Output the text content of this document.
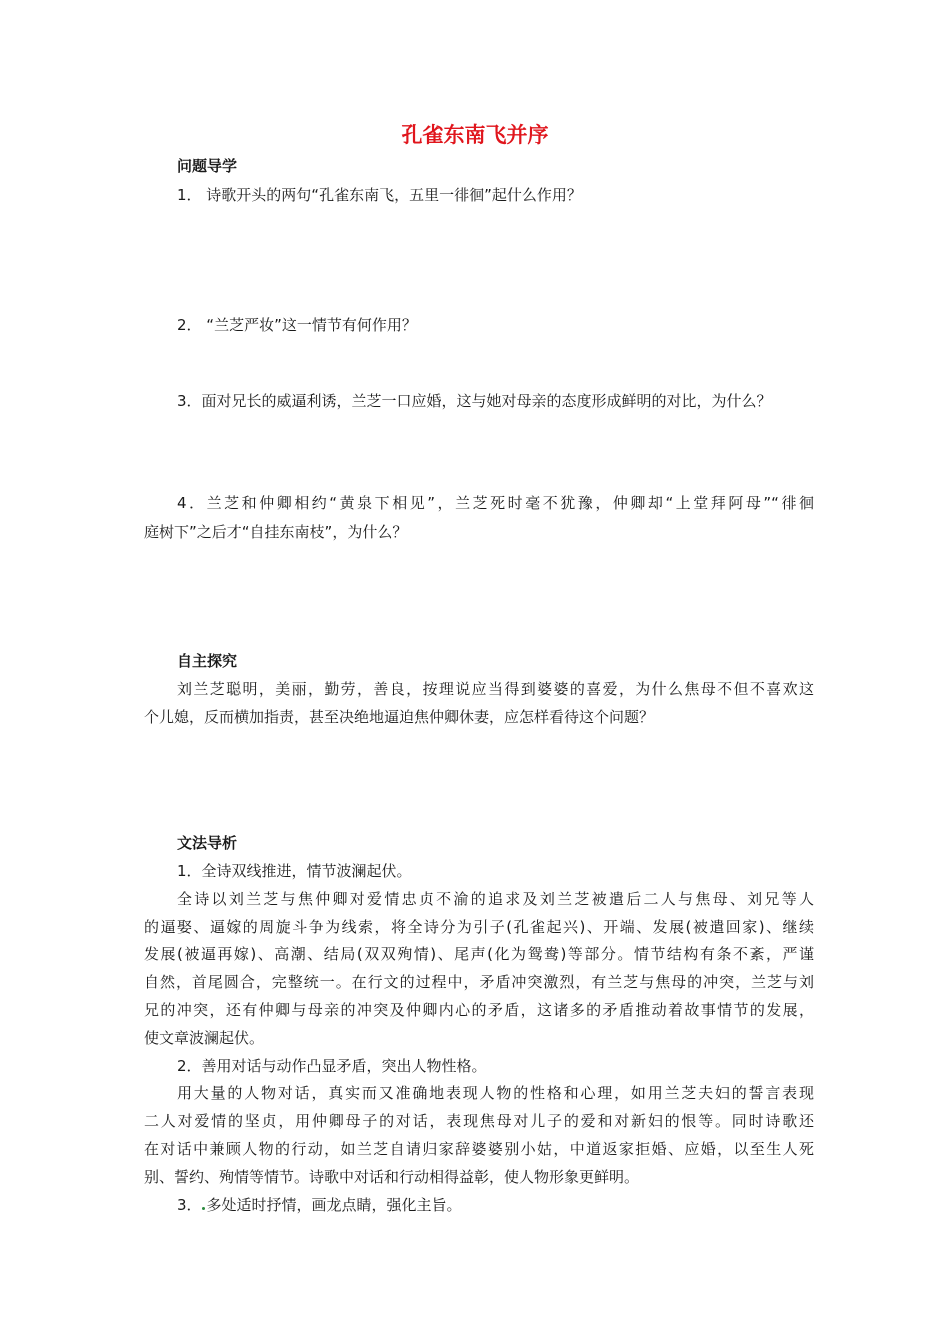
孔雀东南飞并序
问题导学
1． 诗歌开头的两句“孔雀东南飞，五里一徘徊”起什么作用？
2． “兰芝严妆”这一情节有何作用？
3．面对兄长的威逼利诱，兰芝一口应婚，这与她对母亲的态度形成鲜明的对比，为什么？
4．兰芝和仲卿相约“黄泉下相见”，兰芝死时毫不犹豫，仲卿却“上堂拜阿母”“徘徊
庭树下”之后才“自挂东南枝”，为什么？
自主探究
刘兰芝聪明，美丽，勤劳，善良，按理说应当得到婆婆的喜爱，为什么焦母不但不喜欢这
个儿媳，反而横加指责，甚至决绝地逼迫焦仲卿休妻，应怎样看待这个问题？
文法导析
1．全诗双线推进，情节波澜起伏。
全诗以刘兰芝与焦仲卿对爱情忠贞不渝的追求及刘兰芝被遣后二人与焦母、刘兄等人
的逼娶、逼嫁的周旋斗争为线索，将全诗分为引子(孔雀起兴)、开端、发展(被遣回家)、继续
发展(被逼再嫁)、高潮、结局(双双殉情)、尾声(化为鸳鸯)等部分。情节结构有条不紊，严谨
自然，首尾圆合，完整统一。在行文的过程中，矛盾冲突激烈，有兰芝与焦母的冲突，兰芝与刘
兄的冲突，还有仲卿与母亲的冲突及仲卿内心的矛盾，这诸多的矛盾推动着故事情节的发展，
使文章波澜起伏。
2．善用对话与动作凸显矛盾，突出人物性格。
用大量的人物对话，真实而又准确地表现人物的性格和心理，如用兰芝夫妇的誓言表现
二人对爱情的坚贞，用仲卿母子的对话，表现焦母对儿子的爱和对新妇的恨等。同时诗歌还
在对话中兼顾人物的行动，如兰芝自请归家辞婆婆别小姑，中道返家拒婚、应婚，以至生人死
别、誓约、殉情等情节。诗歌中对话和行动相得益彰，使人物形象更鲜明。
3． 多处适时抒情，画龙点睛，强化主旨。
